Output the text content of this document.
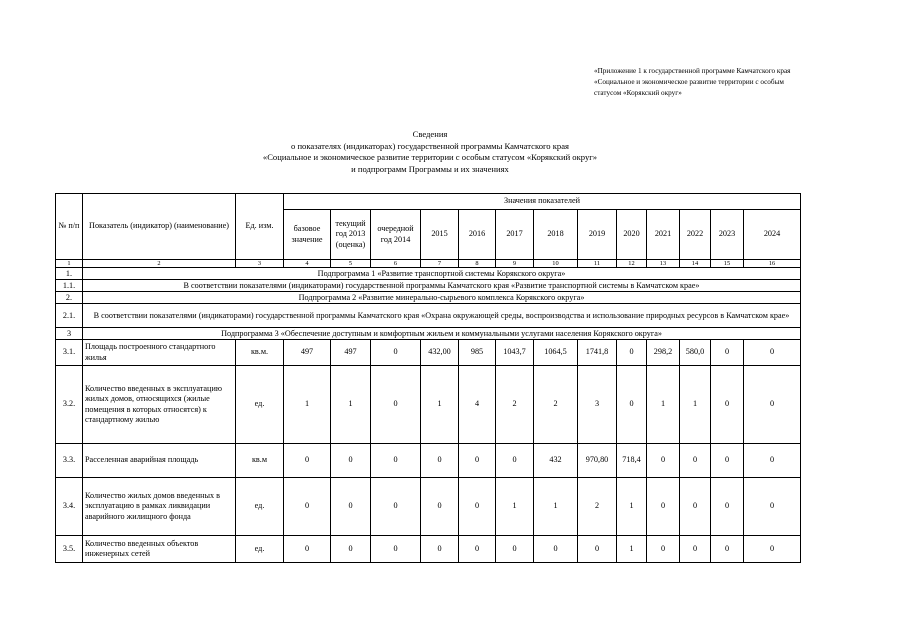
«Приложение 1 к государственной программе Камчатского края «Социальное и экономическое развитие территории с особым статусом «Корякский округ»
Сведения
о показателях (индикаторах) государственной программы Камчатского края
«Социальное и экономическое развитие территории с особым статусом «Корякский округ»
и подпрограмм Программы и их значениях
№ п/п	Показатель (индикатор) (наименование)	Ед. изм.	Значения показателей												
			базовое значение	текущий год 2013 (оценка)	очередной год 2014	2015	2016	2017	2018	2019	2020	2021	2022	2023	2024
1	2	3	4	5	6	7	8	9	10	11	12	13	14	15	16
1.	Подпрограмма 1 «Развитие транспортной системы Корякского округа»														
1.1.	В соответствии показателями (индикаторами) государственной программы Камчатского края «Развитие транспортной системы в Камчатском крае»														
2.	Подпрограмма 2 «Развитие минерально-сырьевого комплекса Корякского округа»														
2.1.	В соответствии показателями (индикаторами) государственной программы Камчатского края «Охрана окружающей среды, воспроизводства и использование природных ресурсов в Камчатском крае»														
3	Подпрограмма 3 «Обеспечение доступным и комфортным жильем и коммунальными услугами населения Корякского округа»														
3.1.	Площадь построенного стандартного жилья	кв.м.	497	497	0	432,00	985	1043,7	1064,5	1741,8	0	298,2	580,0	0	0
3.2.	Количество введенных в эксплуатацию жилых домов, относящихся (жилые помещения в которых относятся) к стандартному жилью	ед.	1	1	0	1	4	2	2	3	0	1	1	0	0
3.3.	Расселенная аварийная площадь	кв.м	0	0	0	0	0	0	432	970,80	718,4	0	0	0	0
3.4.	Количество жилых домов введенных в эксплуатацию в рамках ликвидации аварийного жилищного фонда	ед.	0	0	0	0	0	1	1	2	1	0	0	0	0
3.5.	Количество введенных объектов инженерных сетей	ед.	0	0	0	0	0	0	0	0	1	0	0	0	0
